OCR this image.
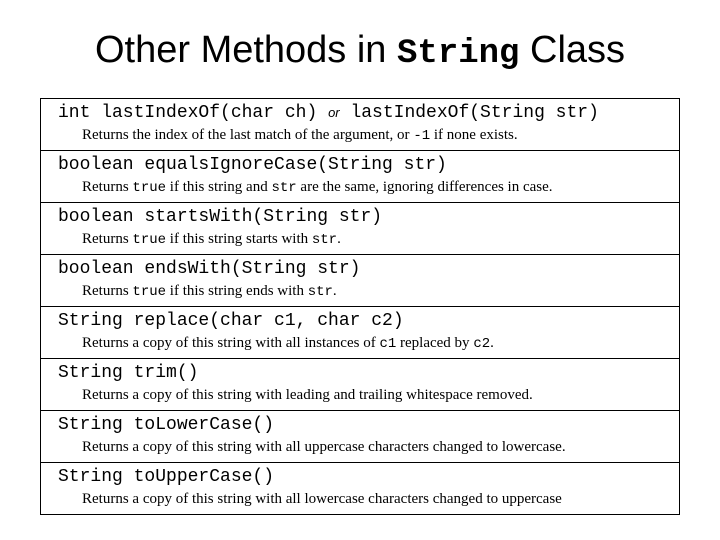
Other Methods in String Class
int lastIndexOf(char ch) or lastIndexOf(String str)
Returns the index of the last match of the argument, or -1 if none exists.
boolean equalsIgnoreCase(String str)
Returns true if this string and str are the same, ignoring differences in case.
boolean startsWith(String str)
Returns true if this string starts with str.
boolean endsWith(String str)
Returns true if this string ends with str.
String replace(char c1, char c2)
Returns a copy of this string with all instances of c1 replaced by c2.
String trim()
Returns a copy of this string with leading and trailing whitespace removed.
String toLowerCase()
Returns a copy of this string with all uppercase characters changed to lowercase.
String toUpperCase()
Returns a copy of this string with all lowercase characters changed to uppercase
